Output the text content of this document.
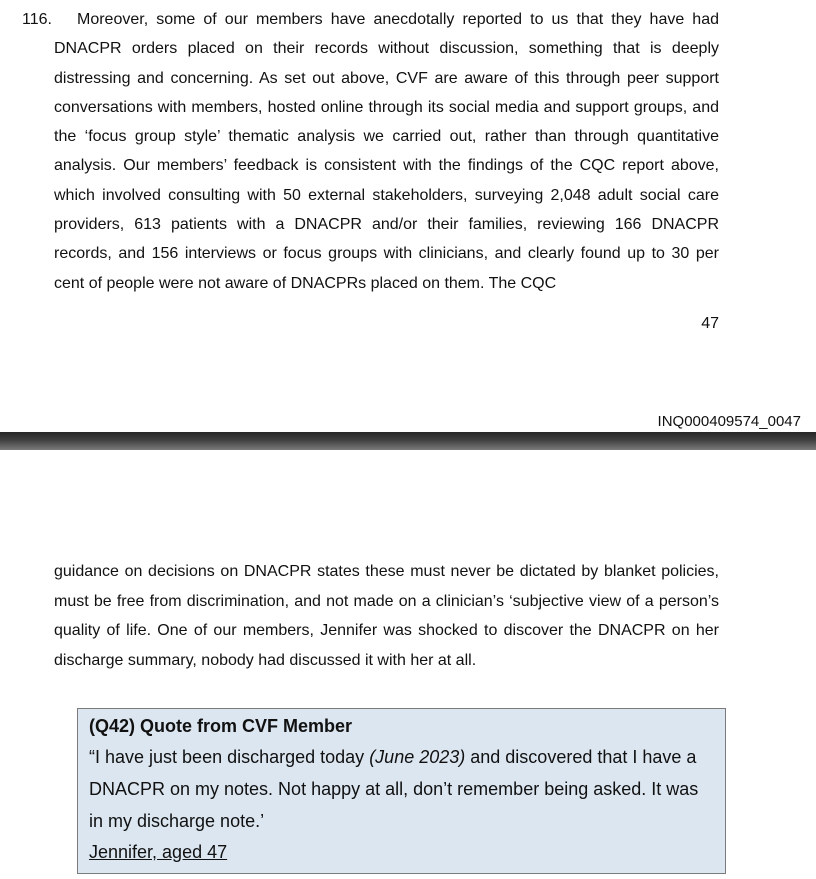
116.	Moreover, some of our members have anecdotally reported to us that they have had DNACPR orders placed on their records without discussion, something that is deeply distressing and concerning. As set out above, CVF are aware of this through peer support conversations with members, hosted online through its social media and support groups, and the ‘focus group style’ thematic analysis we carried out, rather than through quantitative analysis. Our members’ feedback is consistent with the findings of the CQC report above, which involved consulting with 50 external stakeholders, surveying 2,048 adult social care providers, 613 patients with a DNACPR and/or their families, reviewing 166 DNACPR records, and 156 interviews or focus groups with clinicians, and clearly found up to 30 per cent of people were not aware of DNACPRs placed on them. The CQC
47
INQ000409574_0047
guidance on decisions on DNACPR states these must never be dictated by blanket policies, must be free from discrimination, and not made on a clinician’s ‘subjective view of a person’s quality of life. One of our members, Jennifer was shocked to discover the DNACPR on her discharge summary, nobody had discussed it with her at all.
(Q42) Quote from CVF Member
“I have just been discharged today (June 2023) and discovered that I have a DNACPR on my notes. Not happy at all, don’t remember being asked. It was in my discharge note.’
Jennifer, aged 47
